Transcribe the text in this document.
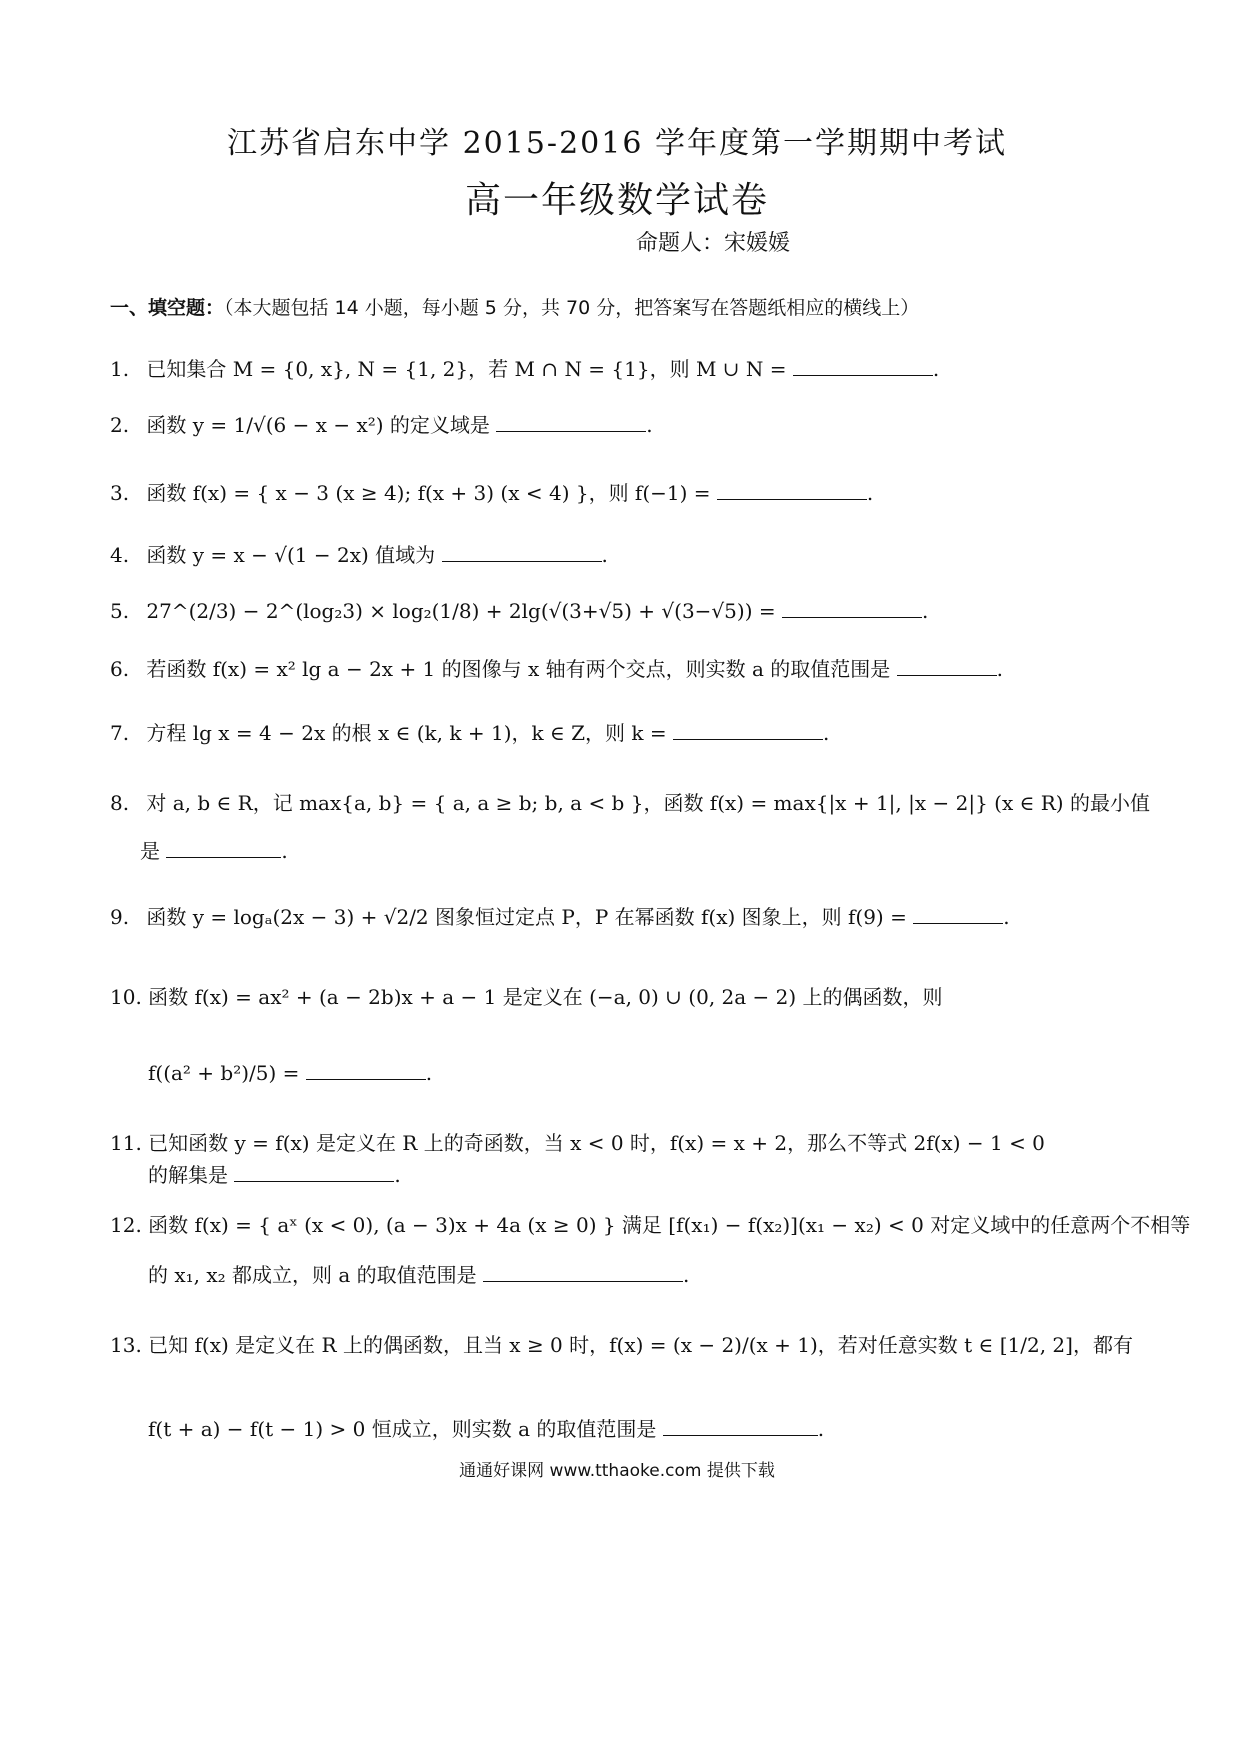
江苏省启东中学 2015-2016 学年度第一学期期中考试
高一年级数学试卷
命题人：宋媛媛
一、填空题：（本大题包括 14 小题，每小题 5 分，共 70 分，把答案写在答题纸相应的横线上）
1. 已知集合 M = {0, x}, N = {1, 2}，若 M ∩ N = {1}，则 M ∪ N =	.
2. 函数 y = 1/√(6 − x − x²) 的定义域是	.
3. 函数 f(x) = { x − 3 (x ≥ 4); f(x + 3) (x < 4) }，则 f(−1) =	.
4. 函数 y = x − √(1 − 2x) 值域为	.
5. 27^(2/3) − 2^(log₂3) × log₂(1/8) + 2lg(√(3+√5) + √(3−√5)) =	.
6. 若函数 f(x) = x² lg a − 2x + 1 的图像与 x 轴有两个交点，则实数 a 的取值范围是	.
7. 方程 lg x = 4 − 2x 的根 x ∈ (k, k + 1)，k ∈ Z，则 k =	.
8. 对 a, b ∈ R，记 max{a, b} = { a, a ≥ b; b, a < b }，函数 f(x) = max{|x + 1|, |x − 2|} (x ∈ R) 的最小值
是	.
9. 函数 y = logₐ(2x − 3) + √2/2 图象恒过定点 P，P 在幂函数 f(x) 图象上，则 f(9) =	.
10. 函数 f(x) = ax² + (a − 2b)x + a − 1 是定义在 (−a, 0) ∪ (0, 2a − 2) 上的偶函数，则
f((a² + b²)/5) =	.
11. 已知函数 y = f(x) 是定义在 R 上的奇函数，当 x < 0 时，f(x) = x + 2，那么不等式 2f(x) − 1 < 0
的解集是	.
12. 函数 f(x) = { aˣ (x < 0), (a − 3)x + 4a (x ≥ 0) } 满足 [f(x₁) − f(x₂)](x₁ − x₂) < 0 对定义域中的任意两个不相等
的 x₁, x₂ 都成立，则 a 的取值范围是	.
13. 已知 f(x) 是定义在 R 上的偶函数，且当 x ≥ 0 时，f(x) = (x − 2)/(x + 1)，若对任意实数 t ∈ [1/2, 2]，都有
f(t + a) − f(t − 1) > 0 恒成立，则实数 a 的取值范围是	.
通通好课网 www.tthaoke.com 提供下载
